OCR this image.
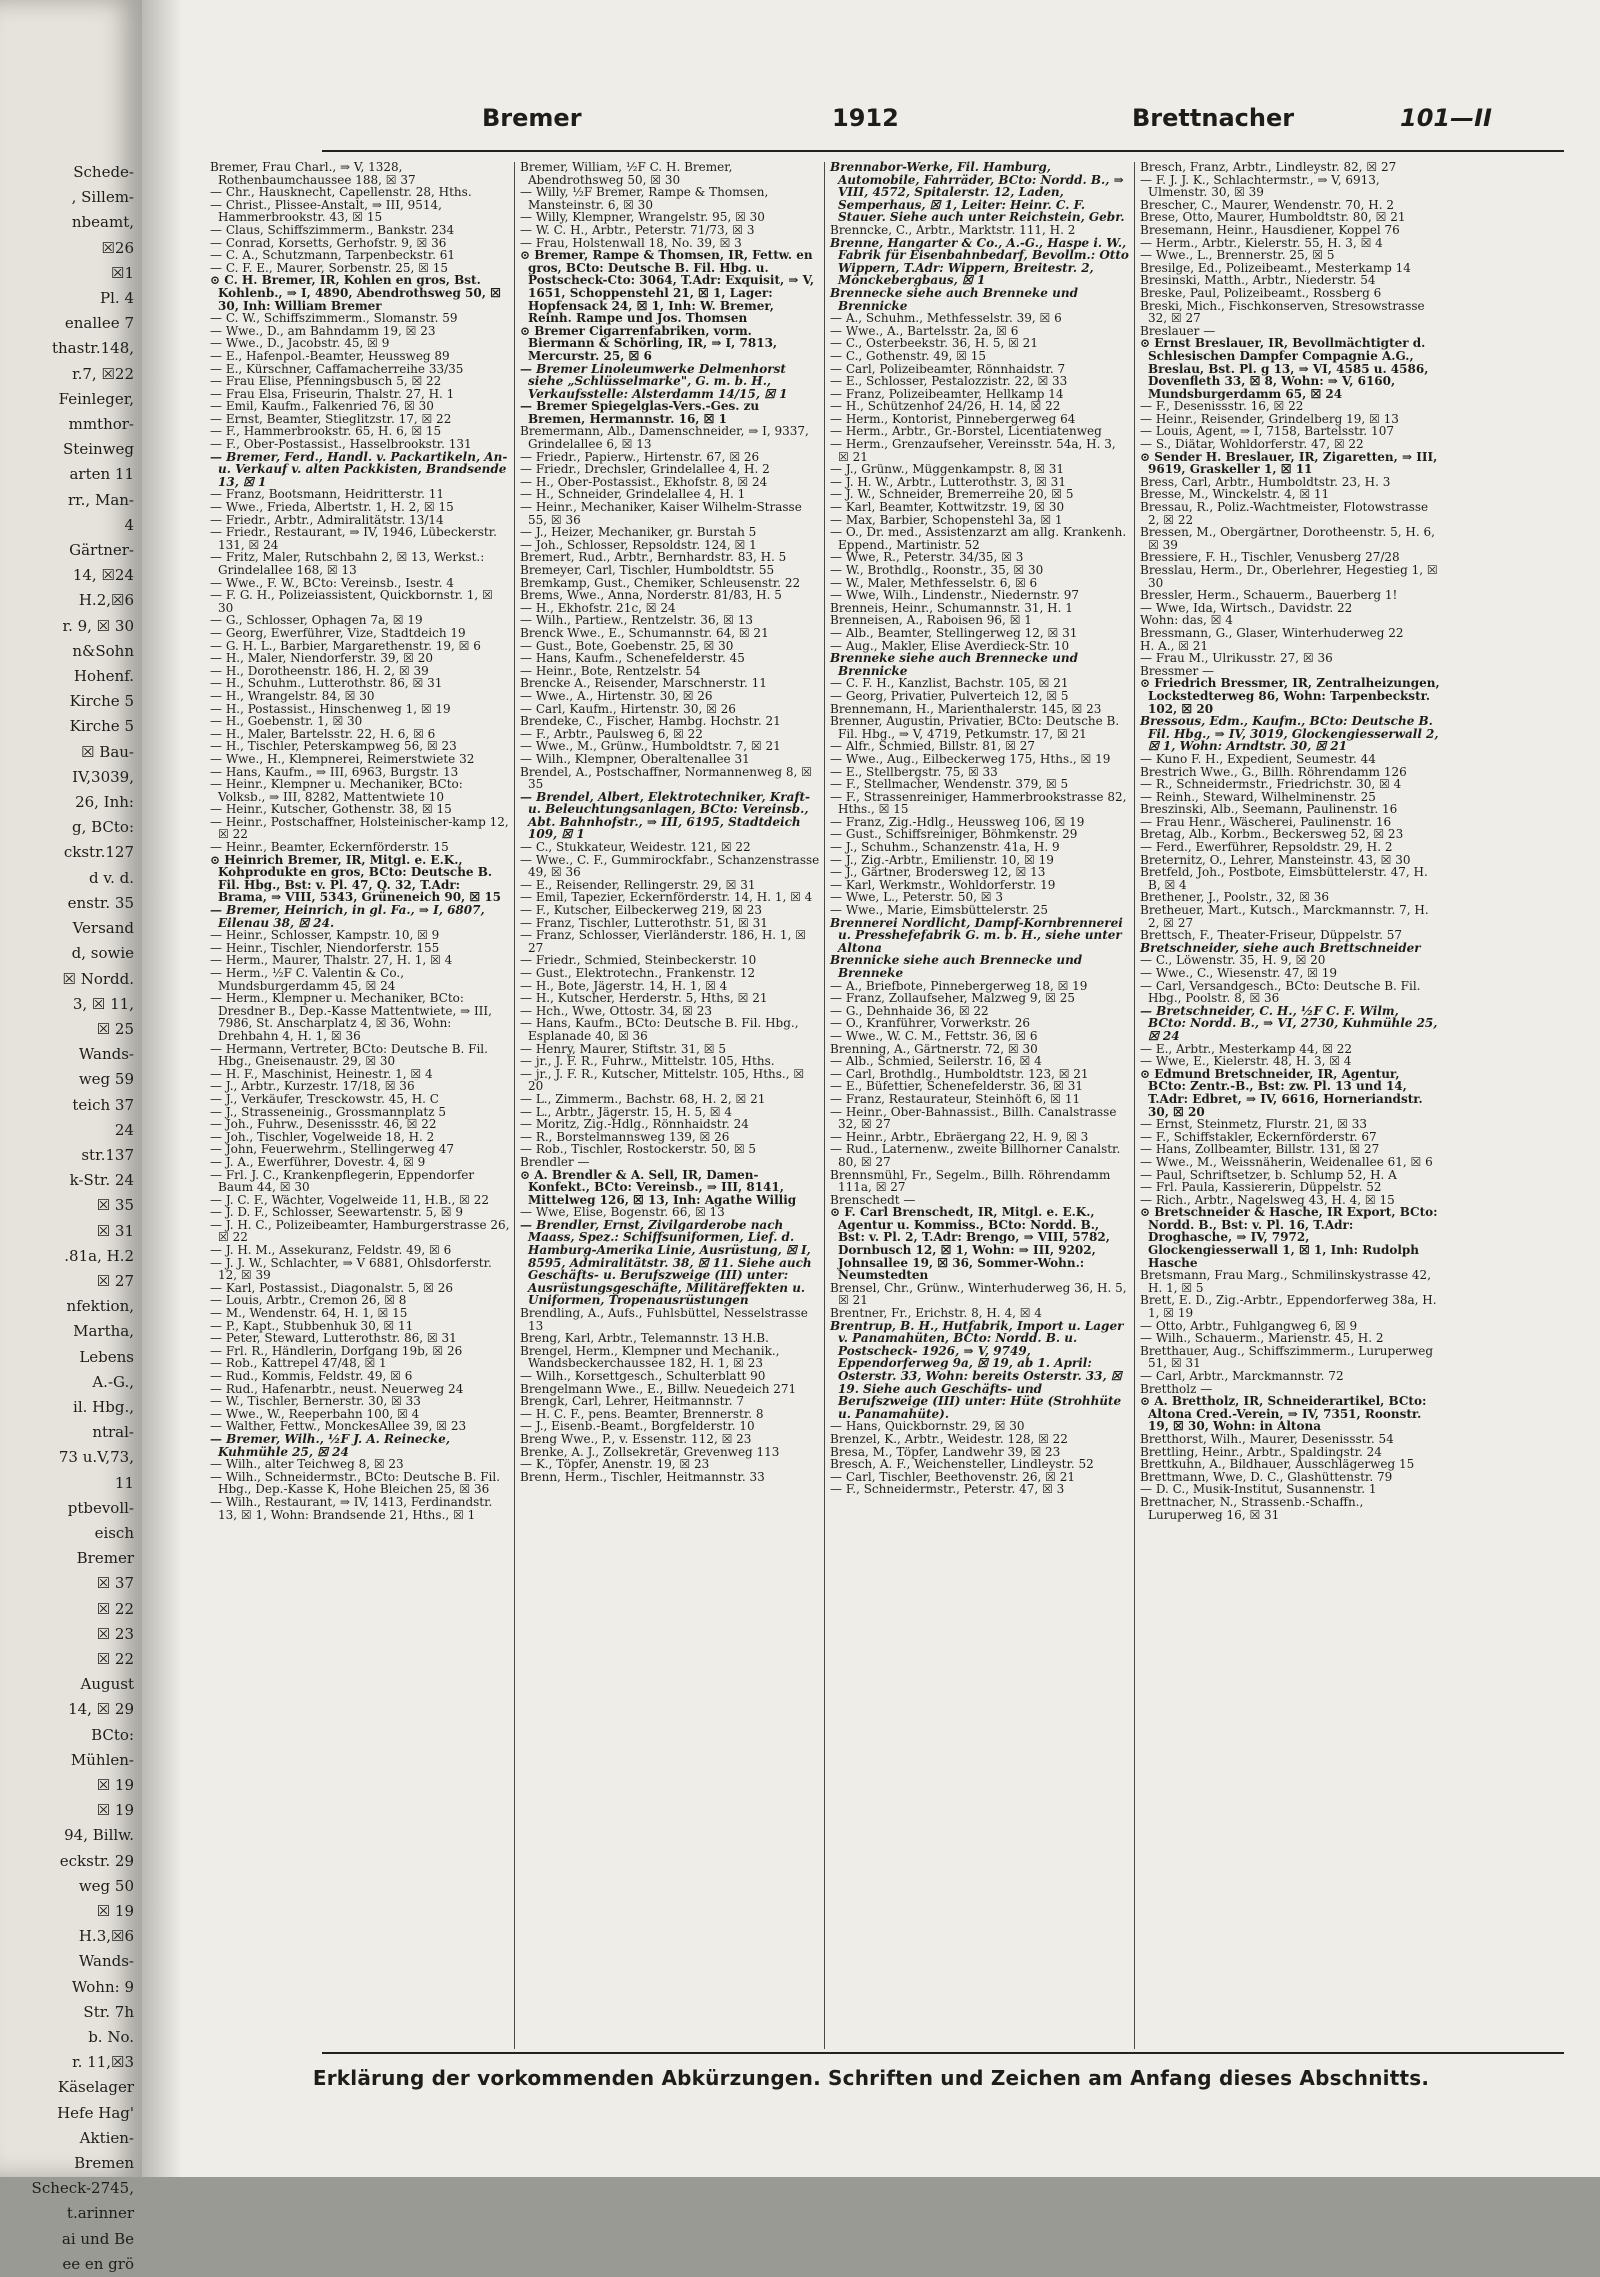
Schede-
, Sillem-
nbeamt,
☒26
☒1
Pl. 4
enallee 7
thastr.148,
r.7, ☒22
Feinleger,
mmthor-
Steinweg
arten 11
rr., Man-
4
Gärtner-
14, ☒24
H.2,☒6
r. 9, ☒ 30
n&Sohn
Hohenf.
Kirche 5
Kirche 5
☒ Bau-
IV,3039,
26, Inh:
g, BCto:
ckstr.127
d v. d.
enstr. 35
Versand
d, sowie
☒ Nordd.
3, ☒ 11,
☒ 25
Wands-
weg 59
teich 37
24
str.137
k-Str. 24
☒ 35
☒ 31
.81a, H.2
☒ 27
nfektion,
Martha,
Lebens
A.-G.,
il. Hbg.,
ntral-
73 u.V,73,
11
ptbevoll-
eisch
Bremer
☒ 37
☒ 22
☒ 23
☒ 22
August
14, ☒ 29
BCto:
Mühlen-
☒ 19
☒ 19
94, Billw.
eckstr. 29
weg 50
☒ 19
H.3,☒6
Wands-
Wohn: 9
Str. 7h
b. No.
r. 11,☒3
Käselager
Hefe Hag'
Aktien-
Bremen
Scheck-2745,
t.arinner
ai und Be
ee en grö
Bremer	1912	Brettnacher	101—II

Bremer, Frau Charl., ⇒ V, 1328, Rothenbaumchaussee 188, ☒ 37

— Chr., Hausknecht, Capellenstr. 28, Hths.

— Christ., Plissee-Anstalt, ⇒ III, 9514, Hammerbrookstr. 43, ☒ 15

— Claus, Schiffszimmerm., Bankstr. 234

— Conrad, Korsetts, Gerhofstr. 9, ☒ 36

— C. A., Schutzmann, Tarpenbeckstr. 61

— C. F. E., Maurer, Sorbenstr. 25, ☒ 15

⊙ C. H. Bremer, IR, Kohlen en gros, Bst. Kohlenb., ⇒ I, 4890, Abendrothsweg 50, ☒ 30, Inh: William Bremer

— C. W., Schiffszimmerm., Slomanstr. 59

— Wwe., D., am Bahndamm 19, ☒ 23

— Wwe., D., Jacobstr. 45, ☒ 9

— E., Hafenpol.-Beamter, Heussweg 89

— E., Kürschner, Caffamacherreihe 33/35

— Frau Elise, Pfenningsbusch 5, ☒ 22

— Frau Elsa, Friseurin, Thalstr. 27, H. 1

— Emil, Kaufm., Falkenried 76, ☒ 30

— Ernst, Beamter, Stieglitzstr. 17, ☒ 22

— F., Hammerbrookstr. 65, H. 6, ☒ 15

— F., Ober-Postassist., Hasselbrookstr. 131

— Bremer, Ferd., Handl. v. Packartikeln, An- u. Verkauf v. alten Packkisten, Brandsende 13, ☒ 1

— Franz, Bootsmann, Heidritterstr. 11

— Wwe., Frieda, Albertstr. 1, H. 2, ☒ 15

— Friedr., Arbtr., Admiralitätstr. 13/14

— Friedr., Restaurant, ⇒ IV, 1946, Lübeckerstr. 131, ☒ 24

— Fritz, Maler, Rutschbahn 2, ☒ 13, Werkst.: Grindelallee 168, ☒ 13

— Wwe., F. W., BCto: Vereinsb., Isestr. 4

— F. G. H., Polizeiassistent, Quickbornstr. 1, ☒ 30

— G., Schlosser, Ophagen 7a, ☒ 19

— Georg, Ewerführer, Vize, Stadtdeich 19

— G. H. L., Barbier, Margarethenstr. 19, ☒ 6

— H., Maler, Niendorferstr. 39, ☒ 20

— H., Dorotheenstr. 186, H. 2, ☒ 39

— H., Schuhm., Lutterothstr. 86, ☒ 31

— H., Wrangelstr. 84, ☒ 30

— H., Postassist., Hinschenweg 1, ☒ 19

— H., Goebenstr. 1, ☒ 30

— H., Maler, Bartelsstr. 22, H. 6, ☒ 6

— H., Tischler, Peterskampweg 56, ☒ 23

— Wwe., H., Klempnerei, Reimerstwiete 32

— Hans, Kaufm., ⇒ III, 6963, Burgstr. 13

— Heinr., Klempner u. Mechaniker, BCto: Volksb., ⇒ III, 8282, Mattentwiete 10

— Heinr., Kutscher, Gothenstr. 38, ☒ 15

— Heinr., Postschaffner, Holsteinischer-kamp 12, ☒ 22

— Heinr., Beamter, Eckernförderstr. 15

⊙ Heinrich Bremer, IR, Mitgl. e. E.K., Kohprodukte en gros, BCto: Deutsche B. Fil. Hbg., Bst: v. Pl. 47, Q. 32, T.Adr: Brama, ⇒ VIII, 5343, Grüneneich 90, ☒ 15

— Bremer, Heinrich, in gl. Fa., ⇒ I, 6807, Eilenau 38, ☒ 24.

— Heinr., Schlosser, Kampstr. 10, ☒ 9

— Heinr., Tischler, Niendorferstr. 155

— Herm., Maurer, Thalstr. 27, H. 1, ☒ 4

— Herm., ½F C. Valentin & Co., Mundsburgerdamm 45, ☒ 24

— Herm., Klempner u. Mechaniker, BCto: Dresdner B., Dep.-Kasse Mattentwiete, ⇒ III, 7986, St. Anscharplatz 4, ☒ 36, Wohn: Drehbahn 4, H. 1, ☒ 36

— Hermann, Vertreter, BCto: Deutsche B. Fil. Hbg., Gneisenaustr. 29, ☒ 30

— H. F., Maschinist, Heinestr. 1, ☒ 4

— J., Arbtr., Kurzestr. 17/18, ☒ 36

— J., Verkäufer, Tresckowstr. 45, H. C

— J., Strasseneinig., Grossmannplatz 5

— Joh., Fuhrw., Desenissstr. 46, ☒ 22

— Joh., Tischler, Vogelweide 18, H. 2

— John, Feuerwehrm., Stellingerweg 47

— J. A., Ewerführer, Dovestr. 4, ☒ 9

— Frl. J. C., Krankenpflegerin, Eppendorfer Baum 44, ☒ 30

— J. C. F., Wächter, Vogelweide 11, H.B., ☒ 22

— J. D. F., Schlosser, Seewartenstr. 5, ☒ 9

— J. H. C., Polizeibeamter, Hamburgerstrasse 26, ☒ 22

— J. H. M., Assekuranz, Feldstr. 49, ☒ 6

— J. J. W., Schlachter, ⇒ V 6881, Ohlsdorferstr. 12, ☒ 39

— Karl, Postassist., Diagonalstr. 5, ☒ 26

— Louis, Arbtr., Cremon 26, ☒ 8

— M., Wendenstr. 64, H. 1, ☒ 15

— P., Kapt., Stubbenhuk 30, ☒ 11

— Peter, Steward, Lutterothstr. 86, ☒ 31

— Frl. R., Händlerin, Dorfgang 19b, ☒ 26

— Rob., Kattrepel 47/48, ☒ 1

— Rud., Kommis, Feldstr. 49, ☒ 6

— Rud., Hafenarbtr., neust. Neuerweg 24

— W., Tischler, Bernerstr. 30, ☒ 33

— Wwe., W., Reeperbahn 100, ☒ 4

— Walther, Fettw., MonckesAllee 39, ☒ 23

— Bremer, Wilh., ½F J. A. Reinecke, Kuhmühle 25, ☒ 24

— Wilh., alter Teichweg 8, ☒ 23

— Wilh., Schneidermstr., BCto: Deutsche B. Fil. Hbg., Dep.-Kasse K, Hohe Bleichen 25, ☒ 36

— Wilh., Restaurant, ⇒ IV, 1413, Ferdinandstr. 13, ☒ 1, Wohn: Brandsende 21, Hths., ☒ 1

Bremer, William, ½F C. H. Bremer, Abendrothsweg 50, ☒ 30

— Willy, ½F Bremer, Rampe & Thomsen, Mansteinstr. 6, ☒ 30

— Willy, Klempner, Wrangelstr. 95, ☒ 30

— W. C. H., Arbtr., Peterstr. 71/73, ☒ 3

— Frau, Holstenwall 18, No. 39, ☒ 3

⊙ Bremer, Rampe & Thomsen, IR, Fettw. en gros, BCto: Deutsche B. Fil. Hbg. u. Postscheck-Cto: 3064, T.Adr: Exquisit, ⇒ V, 1651, Schoppenstehl 21, ☒ 1, Lager: Hopfensack 24, ☒ 1, Inh: W. Bremer, Reinh. Rampe und Jos. Thomsen

⊙ Bremer Cigarrenfabriken, vorm. Biermann & Schörling, IR, ⇒ I, 7813, Mercurstr. 25, ☒ 6

— Bremer Linoleumwerke Delmenhorst siehe „Schlüsselmarke", G. m. b. H., Verkaufsstelle: Alsterdamm 14/15, ☒ 1

— Bremer Spiegelglas-Vers.-Ges. zu Bremen, Hermannstr. 16, ☒ 1

Bremermann, Alb., Damenschneider, ⇒ I, 9337, Grindelallee 6, ☒ 13

— Friedr., Papierw., Hirtenstr. 67, ☒ 26

— Friedr., Drechsler, Grindelallee 4, H. 2

— H., Ober-Postassist., Ekhofstr. 8, ☒ 24

— H., Schneider, Grindelallee 4, H. 1

— Heinr., Mechaniker, Kaiser Wilhelm-Strasse 55, ☒ 36

— J., Heizer, Mechaniker, gr. Burstah 5

— Joh., Schlosser, Repsoldstr. 124, ☒ 1

Bremert, Rud., Arbtr., Bernhardstr. 83, H. 5

Bremeyer, Carl, Tischler, Humboldtstr. 55

Bremkamp, Gust., Chemiker, Schleusenstr. 22

Brems, Wwe., Anna, Norderstr. 81/83, H. 5

— H., Ekhofstr. 21c, ☒ 24

— Wilh., Partiew., Rentzelstr. 36, ☒ 13

Brenck Wwe., E., Schumannstr. 64, ☒ 21

— Gust., Bote, Goebenstr. 25, ☒ 30

— Hans, Kaufm., Schenefelderstr. 45

— Heinr., Bote, Rentzelstr. 54

Brencke A., Reisender, Marschnerstr. 11

— Wwe., A., Hirtenstr. 30, ☒ 26

— Carl, Kaufm., Hirtenstr. 30, ☒ 26

Brendeke, C., Fischer, Hambg. Hochstr. 21

— F., Arbtr., Paulsweg 6, ☒ 22

— Wwe., M., Grünw., Humboldtstr. 7, ☒ 21

— Wilh., Klempner, Oberaltenallee 31

Brendel, A., Postschaffner, Normannenweg 8, ☒ 35

— Brendel, Albert, Elektrotechniker, Kraft- u. Beleuchtungsanlagen, BCto: Vereinsb., Abt. Bahnhofstr., ⇒ III, 6195, Stadtdeich 109, ☒ 1

— C., Stukkateur, Weidestr. 121, ☒ 22

— Wwe., C. F., Gummirockfabr., Schanzenstrasse 49, ☒ 36

— E., Reisender, Rellingerstr. 29, ☒ 31

— Emil, Tapezier, Eckernförderstr. 14, H. 1, ☒ 4

— F., Kutscher, Eilbeckerweg 219, ☒ 23

— Franz, Tischler, Lutterothstr. 51, ☒ 31

— Franz, Schlosser, Vierländerstr. 186, H. 1, ☒ 27

— Friedr., Schmied, Steinbeckerstr. 10

— Gust., Elektrotechn., Frankenstr. 12

— H., Bote, Jägerstr. 14, H. 1, ☒ 4

— H., Kutscher, Herderstr. 5, Hths, ☒ 21

— Hch., Wwe, Ottostr. 34, ☒ 23

— Hans, Kaufm., BCto: Deutsche B. Fil. Hbg., Esplanade 40, ☒ 36

— Henry, Maurer, Stiftstr. 31, ☒ 5

— jr., J. F. R., Fuhrw., Mittelstr. 105, Hths.

— jr., J. F. R., Kutscher, Mittelstr. 105, Hths., ☒ 20

— L., Zimmerm., Bachstr. 68, H. 2, ☒ 21

— L., Arbtr., Jägerstr. 15, H. 5, ☒ 4

— Moritz, Zig.-Hdlg., Rönnhaidstr. 24

— R., Borstelmannsweg 139, ☒ 26

— Rob., Tischler, Rostockerstr. 50, ☒ 5

Brendler —

⊙ A. Brendler & A. Sell, IR, Damen-Konfekt., BCto: Vereinsb., ⇒ III, 8141, Mittelweg 126, ☒ 13, Inh: Agathe Willig

— Wwe, Elise, Bogenstr. 66, ☒ 13

— Brendler, Ernst, Zivilgarderobe nach Maass, Spez.: Schiffsuniformen, Lief. d. Hamburg-Amerika Linie, Ausrüstung, ☒ I, 8595, Admiralitätstr. 38, ☒ 11. Siehe auch Geschäfts- u. Berufszweige (III) unter: Ausrüstungsgeschäfte, Militäreffekten u. Uniformen, Tropenausrüstungen

Brendling, A., Aufs., Fuhlsbüttel, Nesselstrasse 13

Breng, Karl, Arbtr., Telemannstr. 13 H.B.

Brengel, Herm., Klempner und Mechanik., Wandsbeckerchaussee 182, H. 1, ☒ 23

— Wilh., Korsettgesch., Schulterblatt 90

Brengelmann Wwe., E., Billw. Neuedeich 271

Brengk, Carl, Lehrer, Heitmannstr. 7

— H. C. F., pens. Beamter, Brennerstr. 8

— J., Eisenb.-Beamt., Borgfelderstr. 10

Breng Wwe., P., v. Essenstr. 112, ☒ 23

Brenke, A. J., Zollsekretär, Grevenweg 113

— K., Töpfer, Anenstr. 19, ☒ 23

Brenn, Herm., Tischler, Heitmannstr. 33

Brennabor-Werke, Fil. Hamburg, Automobile, Fahrräder, BCto: Nordd. B., ⇒ VIII, 4572, Spitalerstr. 12, Laden, Semperhaus, ☒ 1, Leiter: Heinr. C. F. Stauer. Siehe auch unter Reichstein, Gebr.

Brenncke, C., Arbtr., Marktstr. 111, H. 2

Brenne, Hangarter & Co., A.-G., Haspe i. W., Fabrik für Eisenbahnbedarf, Bevollm.: Otto Wippern, T.Adr: Wippern, Breitestr. 2, Mönckebergbaus, ☒ 1

Brennecke siehe auch Brenneke und Brennicke

— A., Schuhm., Methfesselstr. 39, ☒ 6

— Wwe., A., Bartelsstr. 2a, ☒ 6

— C., Osterbeekstr. 36, H. 5, ☒ 21

— C., Gothenstr. 49, ☒ 15

— Carl, Polizeibeamter, Rönnhaidstr. 7

— E., Schlosser, Pestalozzistr. 22, ☒ 33

— Franz, Polizeibeamter, Hellkamp 14

— H., Schützenhof 24/26, H. 14, ☒ 22

— Herm., Kontorist, Pinnebergerweg 64

— Herm., Arbtr., Gr.-Borstel, Licentiatenweg

— Herm., Grenzaufseher, Vereinsstr. 54a, H. 3, ☒ 21

— J., Grünw., Müggenkampstr. 8, ☒ 31

— J. H. W., Arbtr., Lutterothstr. 3, ☒ 31

— J. W., Schneider, Bremerreihe 20, ☒ 5

— Karl, Beamter, Kottwitzstr. 19, ☒ 30

— Max, Barbier, Schopenstehl 3a, ☒ 1

— O., Dr. med., Assistenzarzt am allg. Krankenh. Eppend., Martinistr. 52

— Wwe, R., Peterstr. 34/35, ☒ 3

— W., Brothdlg., Roonstr., 35, ☒ 30

— W., Maler, Methfesselstr. 6, ☒ 6

— Wwe, Wilh., Lindenstr., Niedernstr. 97

Brenneis, Heinr., Schumannstr. 31, H. 1

Brenneisen, A., Raboisen 96, ☒ 1

— Alb., Beamter, Stellingerweg 12, ☒ 31

— Aug., Makler, Elise Averdieck-Str. 10

Brenneke siehe auch Brennecke und Brennicke

— C. F. H., Kanzlist, Bachstr. 105, ☒ 21

— Georg, Privatier, Pulverteich 12, ☒ 5

Brennemann, H., Marienthalerstr. 145, ☒ 23

Brenner, Augustin, Privatier, BCto: Deutsche B. Fil. Hbg., ⇒ V, 4719, Petkumstr. 17, ☒ 21

— Alfr., Schmied, Billstr. 81, ☒ 27

— Wwe., Aug., Eilbeckerweg 175, Hths., ☒ 19

— E., Stellbergstr. 75, ☒ 33

— F., Stellmacher, Wendenstr. 379, ☒ 5

— F., Strassenreiniger, Hammerbrookstrasse 82, Hths., ☒ 15

— Franz, Zig.-Hdlg., Heussweg 106, ☒ 19

— Gust., Schiffsreiniger, Böhmkenstr. 29

— J., Schuhm., Schanzenstr. 41a, H. 9

— J., Zig.-Arbtr., Emilienstr. 10, ☒ 19

— J., Gärtner, Brodersweg 12, ☒ 13

— Karl, Werkmstr., Wohldorferstr. 19

— Wwe, L., Peterstr. 50, ☒ 3

— Wwe., Marie, Eimsbüttelerstr. 25

Brennerei Nordlicht, Dampf-Kornbrennerei u. Presshefefabrik G. m. b. H., siehe unter Altona

Brennicke siehe auch Brennecke und Brenneke

— A., Briefbote, Pinnebergerweg 18, ☒ 19

— Franz, Zollaufseher, Malzweg 9, ☒ 25

— G., Dehnhaide 36, ☒ 22

— O., Kranführer, Vorwerkstr. 26

— Wwe., W. C. M., Fettstr. 36, ☒ 6

Brenning, A., Gärtnerstr. 72, ☒ 30

— Alb., Schmied, Seilerstr. 16, ☒ 4

— Carl, Brothdlg., Humboldtstr. 123, ☒ 21

— E., Büfettier, Schenefelderstr. 36, ☒ 31

— Franz, Restaurateur, Steinhöft 6, ☒ 11

— Heinr., Ober-Bahnassist., Billh. Canalstrasse 32, ☒ 27

— Heinr., Arbtr., Ebräergang 22, H. 9, ☒ 3

— Rud., Laternenw., zweite Billhorner Canalstr. 80, ☒ 27

Brennsmühl, Fr., Segelm., Billh. Röhrendamm 111a, ☒ 27

Brenschedt —

⊙ F. Carl Brenschedt, IR, Mitgl. e. E.K., Agentur u. Kommiss., BCto: Nordd. B., Bst: v. Pl. 2, T.Adr: Brengo, ⇒ VIII, 5782, Dornbusch 12, ☒ 1, Wohn: ⇒ III, 9202, Johnsallee 19, ☒ 36, Sommer-Wohn.: Neumstedten

Brensel, Chr., Grünw., Winterhuderweg 36, H. 5, ☒ 21

Brentner, Fr., Erichstr. 8, H. 4, ☒ 4

Brentrup, B. H., Hutfabrik, Import u. Lager v. Panamahüten, BCto: Nordd. B. u. Postscheck- 1926, ⇒ V, 9749, Eppendorferweg 9a, ☒ 19, ab 1. April: Osterstr. 33, Wohn: bereits Osterstr. 33, ☒ 19. Siehe auch Geschäfts- und Berufszweige (III) unter: Hüte (Strohhüte u. Panamahüte).

— Hans, Quickbornstr. 29, ☒ 30

Brenzel, K., Arbtr., Weidestr. 128, ☒ 22

Bresa, M., Töpfer, Landwehr 39, ☒ 23

Bresch, A. F., Weichensteller, Lindleystr. 52

— Carl, Tischler, Beethovenstr. 26, ☒ 21

— F., Schneidermstr., Peterstr. 47, ☒ 3

Bresch, Franz, Arbtr., Lindleystr. 82, ☒ 27

— F. J. J. K., Schlachtermstr., ⇒ V, 6913, Ulmenstr. 30, ☒ 39

Brescher, C., Maurer, Wendenstr. 70, H. 2

Brese, Otto, Maurer, Humboldtstr. 80, ☒ 21

Bresemann, Heinr., Hausdiener, Koppel 76

— Herm., Arbtr., Kielerstr. 55, H. 3, ☒ 4

— Wwe., L., Brennerstr. 25, ☒ 5

Bresilge, Ed., Polizeibeamt., Mesterkamp 14

Bresinski, Matth., Arbtr., Niederstr. 54

Breske, Paul, Polizeibeamt., Rossberg 6

Breski, Mich., Fischkonserven, Stresowstrasse 32, ☒ 27

Breslauer —

⊙ Ernst Breslauer, IR, Bevollmächtigter d. Schlesischen Dampfer Compagnie A.G., Breslau, Bst. Pl. g 13, ⇒ VI, 4585 u. 4586, Dovenfleth 33, ☒ 8, Wohn: ⇒ V, 6160, Mundsburgerdamm 65, ☒ 24

— F., Desenissstr. 16, ☒ 22

— Heinr., Reisender, Grindelberg 19, ☒ 13

— Louis, Agent, ⇒ I, 7158, Bartelsstr. 107

— S., Diätar, Wohldorferstr. 47, ☒ 22

⊙ Sender H. Breslauer, IR, Zigaretten, ⇒ III, 9619, Graskeller 1, ☒ 11

Bress, Carl, Arbtr., Humboldtstr. 23, H. 3

Bresse, M., Winckelstr. 4, ☒ 11

Bressau, R., Poliz.-Wachtmeister, Flotowstrasse 2, ☒ 22

Bressen, M., Obergärtner, Dorotheenstr. 5, H. 6, ☒ 39

Bressiere, F. H., Tischler, Venusberg 27/28

Bresslau, Herm., Dr., Oberlehrer, Hegestieg 1, ☒ 30

Bressler, Herm., Schauerm., Bauerberg 1!

— Wwe, Ida, Wirtsch., Davidstr. 22

Wohn: das, ☒ 4

Bressmann, G., Glaser, Winterhuderweg 22

H. A., ☒ 21

— Frau M., Ulrikusstr. 27, ☒ 36

Bressmer —

⊙ Friedrich Bressmer, IR, Zentralheizungen, Lockstedterweg 86, Wohn: Tarpenbeckstr. 102, ☒ 20

Bressous, Edm., Kaufm., BCto: Deutsche B. Fil. Hbg., ⇒ IV, 3019, Glockengiesserwall 2, ☒ 1, Wohn: Arndtstr. 30, ☒ 21

— Kuno F. H., Expedient, Seumestr. 44

Brestrich Wwe., G., Billh. Röhrendamm 126

— R., Schneidermstr., Friedrichstr. 30, ☒ 4

— Reinh., Steward, Wilhelminenstr. 25

Breszinski, Alb., Seemann, Paulinenstr. 16

— Frau Henr., Wäscherei, Paulinenstr. 16

Bretag, Alb., Korbm., Beckersweg 52, ☒ 23

— Ferd., Ewerführer, Repsoldstr. 29, H. 2

Breternitz, O., Lehrer, Mansteinstr. 43, ☒ 30

Bretfeld, Joh., Postbote, Eimsbüttelerstr. 47, H. B, ☒ 4

Brethener, J., Poolstr., 32, ☒ 36

Bretheuer, Mart., Kutsch., Marckmannstr. 7, H. 2, ☒ 27

Brettsch, F., Theater-Friseur, Düppelstr. 57

Bretschneider, siehe auch Brettschneider

— C., Löwenstr. 35, H. 9, ☒ 20

— Wwe., C., Wiesenstr. 47, ☒ 19

— Carl, Versandgesch., BCto: Deutsche B. Fil. Hbg., Poolstr. 8, ☒ 36

— Bretschneider, C. H., ½F C. F. Wilm, BCto: Nordd. B., ⇒ VI, 2730, Kuhmühle 25, ☒ 24

— E., Arbtr., Mesterkamp 44, ☒ 22

— Wwe, E., Kielerstr. 48, H. 3, ☒ 4

⊙ Edmund Bretschneider, IR, Agentur, BCto: Zentr.-B., Bst: zw. Pl. 13 und 14, T.Adr: Edbret, ⇒ IV, 6616, Horneriandstr. 30, ☒ 20

— Ernst, Steinmetz, Flurstr. 21, ☒ 33

— F., Schiffstakler, Eckernförderstr. 67

— Hans, Zollbeamter, Billstr. 131, ☒ 27

— Wwe., M., Weissnäherin, Weidenallee 61, ☒ 6

— Paul, Schriftsetzer, b. Schlump 52, H. A

— Frl. Paula, Kassiererin, Düppelstr. 52

— Rich., Arbtr., Nagelsweg 43, H. 4, ☒ 15

⊙ Bretschneider & Hasche, IR Export, BCto: Nordd. B., Bst: v. Pl. 16, T.Adr: Droghasche, ⇒ IV, 7972, Glockengiesserwall 1, ☒ 1, Inh: Rudolph Hasche

Bretsmann, Frau Marg., Schmilinskystrasse 42, H. 1, ☒ 5

Brett, E. D., Zig.-Arbtr., Eppendorferweg 38a, H. 1, ☒ 19

— Otto, Arbtr., Fuhlgangweg 6, ☒ 9

— Wilh., Schauerm., Marienstr. 45, H. 2

Bretthauer, Aug., Schiffszimmerm., Luruperweg 51, ☒ 31

— Carl, Arbtr., Marckmannstr. 72

Brettholz —

⊙ A. Brettholz, IR, Schneiderartikel, BCto: Altona Cred.-Verein, ⇒ IV, 7351, Roonstr. 19, ☒ 30, Wohn: in Altona

Bretthorst, Wilh., Maurer, Desenissstr. 54

Brettling, Heinr., Arbtr., Spaldingstr. 24

Brettkuhn, A., Bildhauer, Ausschlägerweg 15

Brettmann, Wwe, D. C., Glashüttenstr. 79

— D. C., Musik-Institut, Susannenstr. 1

Brettnacher, N., Strassenb.-Schaffn., Luruperweg 16, ☒ 31

Erklärung der vorkommenden Abkürzungen. Schriften und Zeichen am Anfang dieses Abschnitts.
